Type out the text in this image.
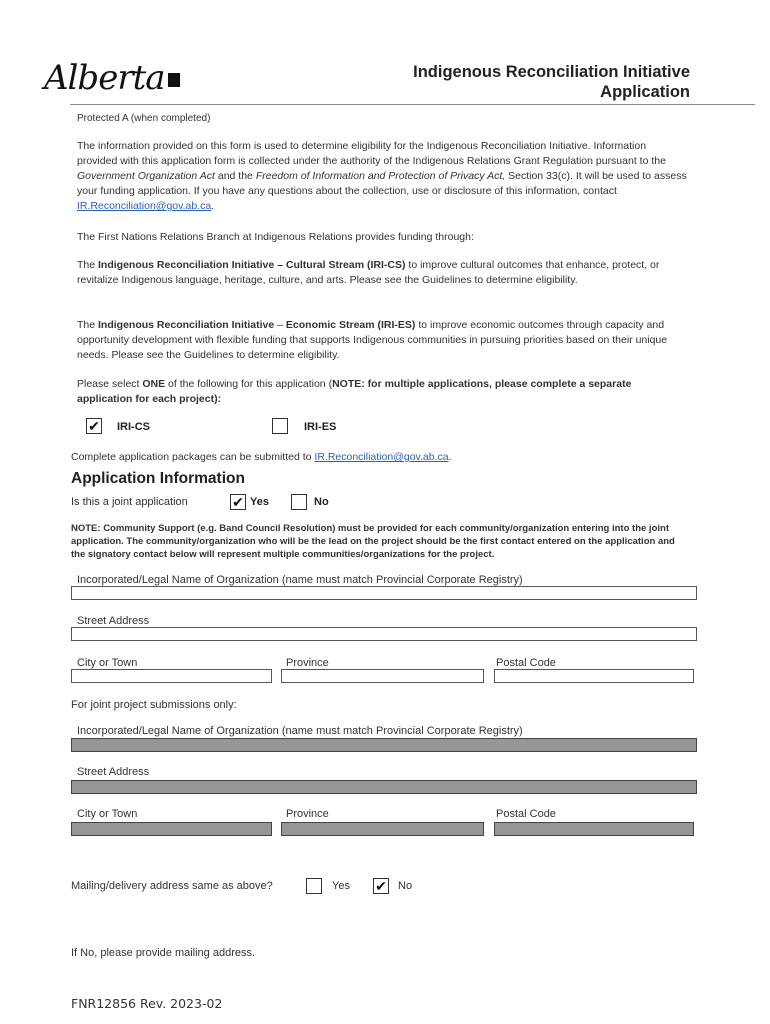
Alberta	Indigenous Reconciliation Initiative
Application
Protected A (when completed)
The information provided on this form is used to determine eligibility for the Indigenous Reconciliation Initiative. Information provided with this application form is collected under the authority of the Indigenous Relations Grant Regulation pursuant to the Government Organization Act and the Freedom of Information and Protection of Privacy Act, Section 33(c). It will be used to assess your funding application. If you have any questions about the collection, use or disclosure of this information, contact IR.Reconciliation@gov.ab.ca.
The First Nations Relations Branch at Indigenous Relations provides funding through:
The Indigenous Reconciliation Initiative – Cultural Stream (IRI-CS) to improve cultural outcomes that enhance, protect, or revitalize Indigenous language, heritage, culture, and arts. Please see the Guidelines to determine eligibility.
The Indigenous Reconciliation Initiative – Economic Stream (IRI-ES) to improve economic outcomes through capacity and opportunity development with flexible funding that supports Indigenous communities in pursuing priorities based on their unique needs. Please see the Guidelines to determine eligibility.
Please select ONE of the following for this application (NOTE: for multiple applications, please complete a separate application for each project):
✔ IRI-CS	IRI-ES
Complete application packages can be submitted to IR.Reconciliation@gov.ab.ca.
Application Information
Is this a joint application	✔ Yes	No
NOTE: Community Support (e.g. Band Council Resolution) must be provided for each community/organization entering into the joint application. The community/organization who will be the lead on the project should be the first contact entered on the application and the signatory contact below will represent multiple communities/organizations for the project.
Incorporated/Legal Name of Organization (name must match Provincial Corporate Registry)
Street Address
City or Town	Province	Postal Code
For joint project submissions only:
Incorporated/Legal Name of Organization (name must match Provincial Corporate Registry)
Street Address
City or Town	Province	Postal Code
Mailing/delivery address same as above?	Yes ✔ No
If No, please provide mailing address.
FNR12856 Rev. 2023-02
